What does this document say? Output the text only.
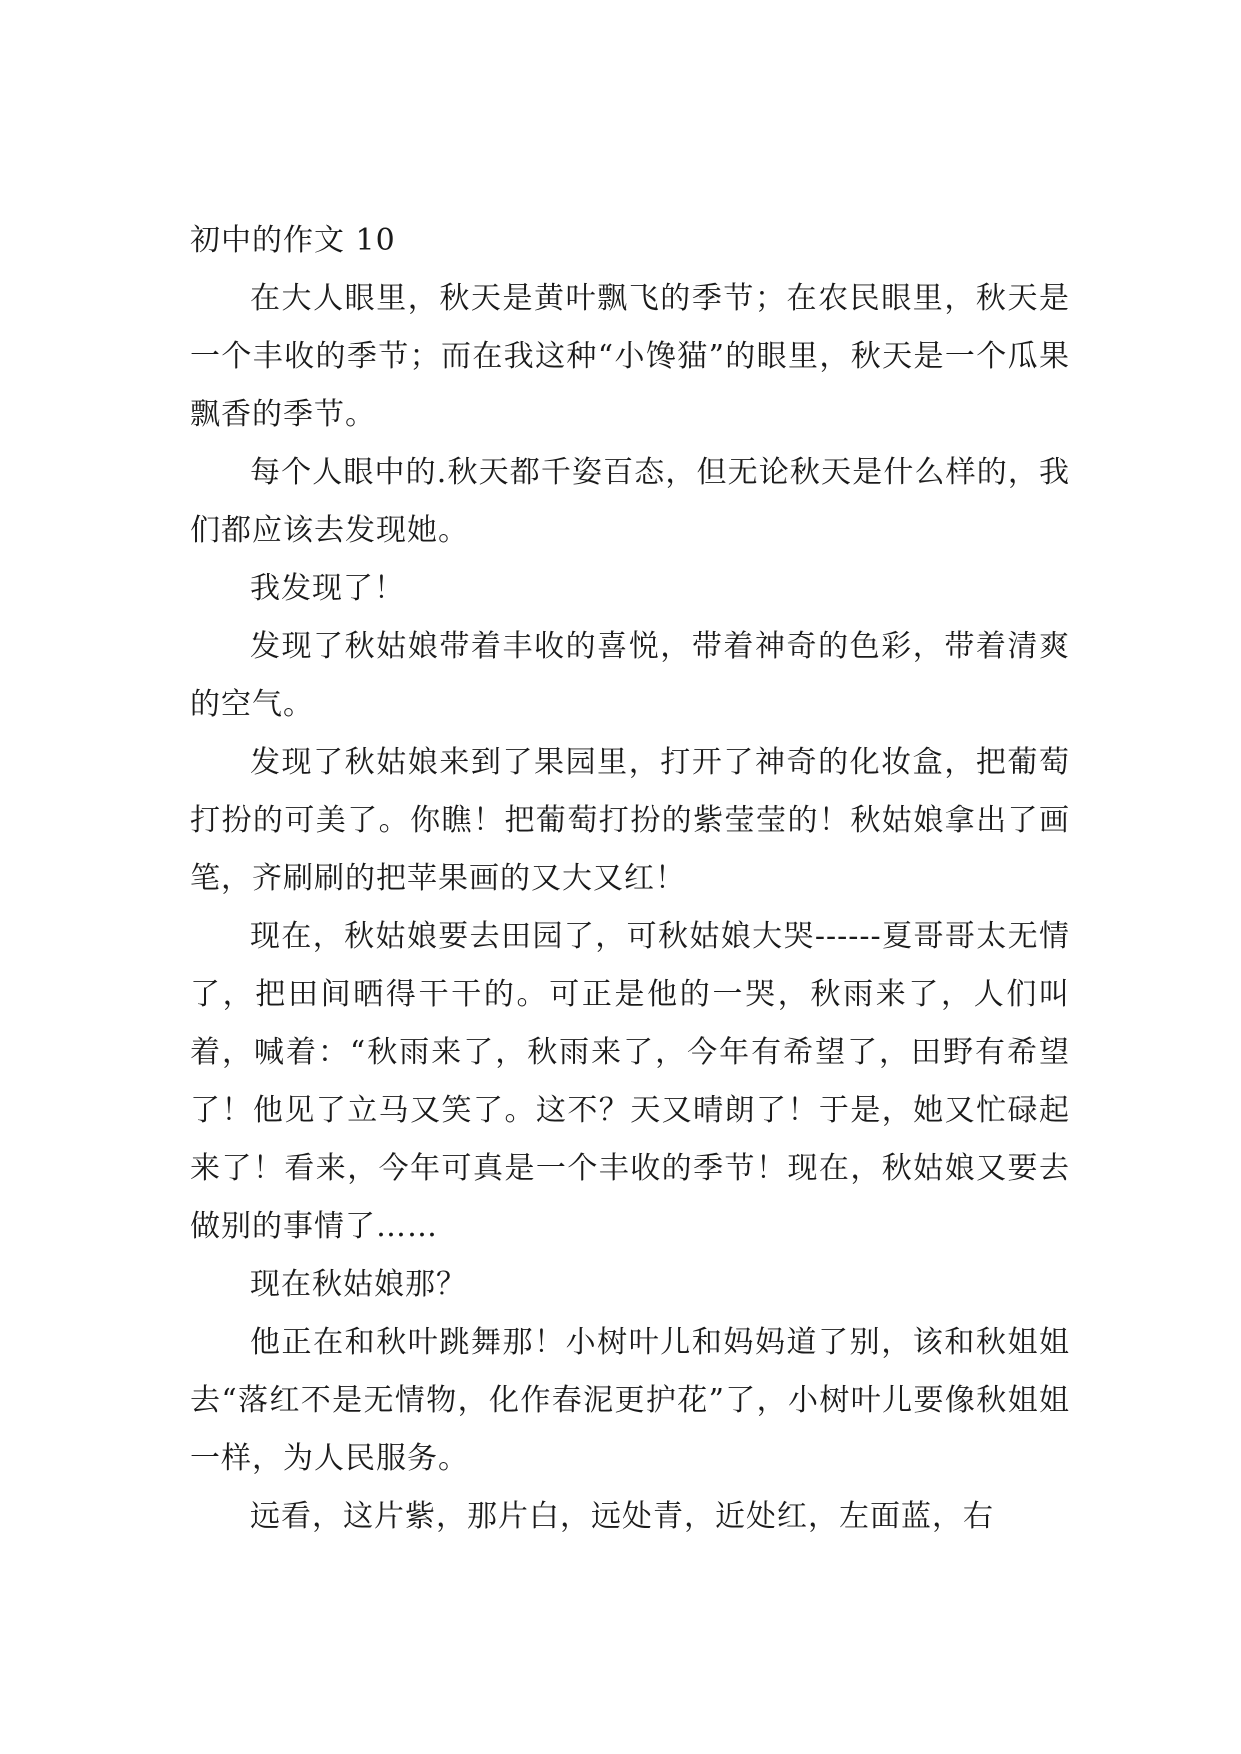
初中的作文 10

在大人眼里，秋天是黄叶飘飞的季节；在农民眼里，秋天是一个丰收的季节；而在我这种“小馋猫”的眼里，秋天是一个瓜果飘香的季节。

每个人眼中的.秋天都千姿百态，但无论秋天是什么样的，我们都应该去发现她。

我发现了！

发现了秋姑娘带着丰收的喜悦，带着神奇的色彩，带着清爽的空气。

发现了秋姑娘来到了果园里，打开了神奇的化妆盒，把葡萄打扮的可美了。你瞧！把葡萄打扮的紫莹莹的！秋姑娘拿出了画笔，齐刷刷的把苹果画的又大又红！

现在，秋姑娘要去田园了，可秋姑娘大哭------夏哥哥太无情了，把田间晒得干干的。可正是他的一哭，秋雨来了，人们叫着，喊着：“秋雨来了，秋雨来了，今年有希望了，田野有希望了！他见了立马又笑了。这不？天又晴朗了！于是，她又忙碌起来了！看来，今年可真是一个丰收的季节！现在，秋姑娘又要去做别的事情了……

现在秋姑娘那？

他正在和秋叶跳舞那！小树叶儿和妈妈道了别，该和秋姐姐去“落红不是无情物，化作春泥更护花”了，小树叶儿要像秋姐姐一样，为人民服务。

远看，这片紫，那片白，远处青，近处红，左面蓝，右
